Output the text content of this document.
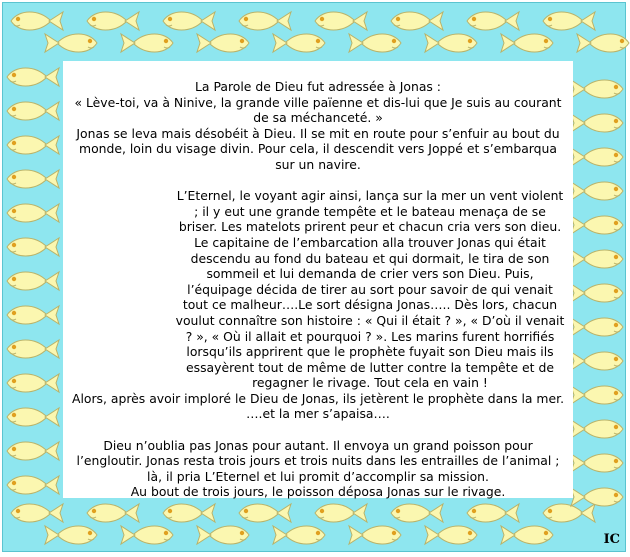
La Parole de Dieu fut adressée à Jonas :

« Lève-toi, va à Ninive, la grande ville païenne et dis-lui que Je suis au courant de sa méchanceté. »

Jonas se leva mais désobéit à Dieu. Il se mit en route pour s’enfuir au bout du monde, loin du visage divin. Pour cela, il descendit vers Joppé et s’embarqua sur un navire.

L’Eternel, le voyant agir ainsi, lança sur la mer un vent violent ; il y eut une grande tempête et le bateau menaça de se briser. Les matelots prirent peur et chacun cria vers son dieu. Le capitaine de l’embarcation alla trouver Jonas qui était descendu au fond du bateau et qui dormait, le tira de son sommeil et lui demanda de crier vers son Dieu. Puis, l’équipage décida de tirer au sort pour savoir de qui venait tout ce malheur….Le sort désigna Jonas….. Dès lors, chacun voulut connaître son histoire : « Qui il était ? », « D’où il venait ? », « Où il allait et pourquoi ? ». Les marins furent horrifiés lorsqu’ils apprirent que le prophète fuyait son Dieu mais ils essayèrent tout de même de lutter contre la tempête et de regagner le rivage. Tout cela en vain !

Alors, après avoir imploré le Dieu de Jonas, ils jetèrent le prophète dans la mer.

….et la mer s’apaisa….

Dieu n’oublia pas Jonas pour autant. Il envoya un grand poisson pour l’engloutir. Jonas resta trois jours et trois nuits dans les entrailles de l’animal ; là, il pria L’Eternel et lui promit d’accomplir sa mission.

Au bout de trois jours, le poisson déposa Jonas sur le rivage.

IC
